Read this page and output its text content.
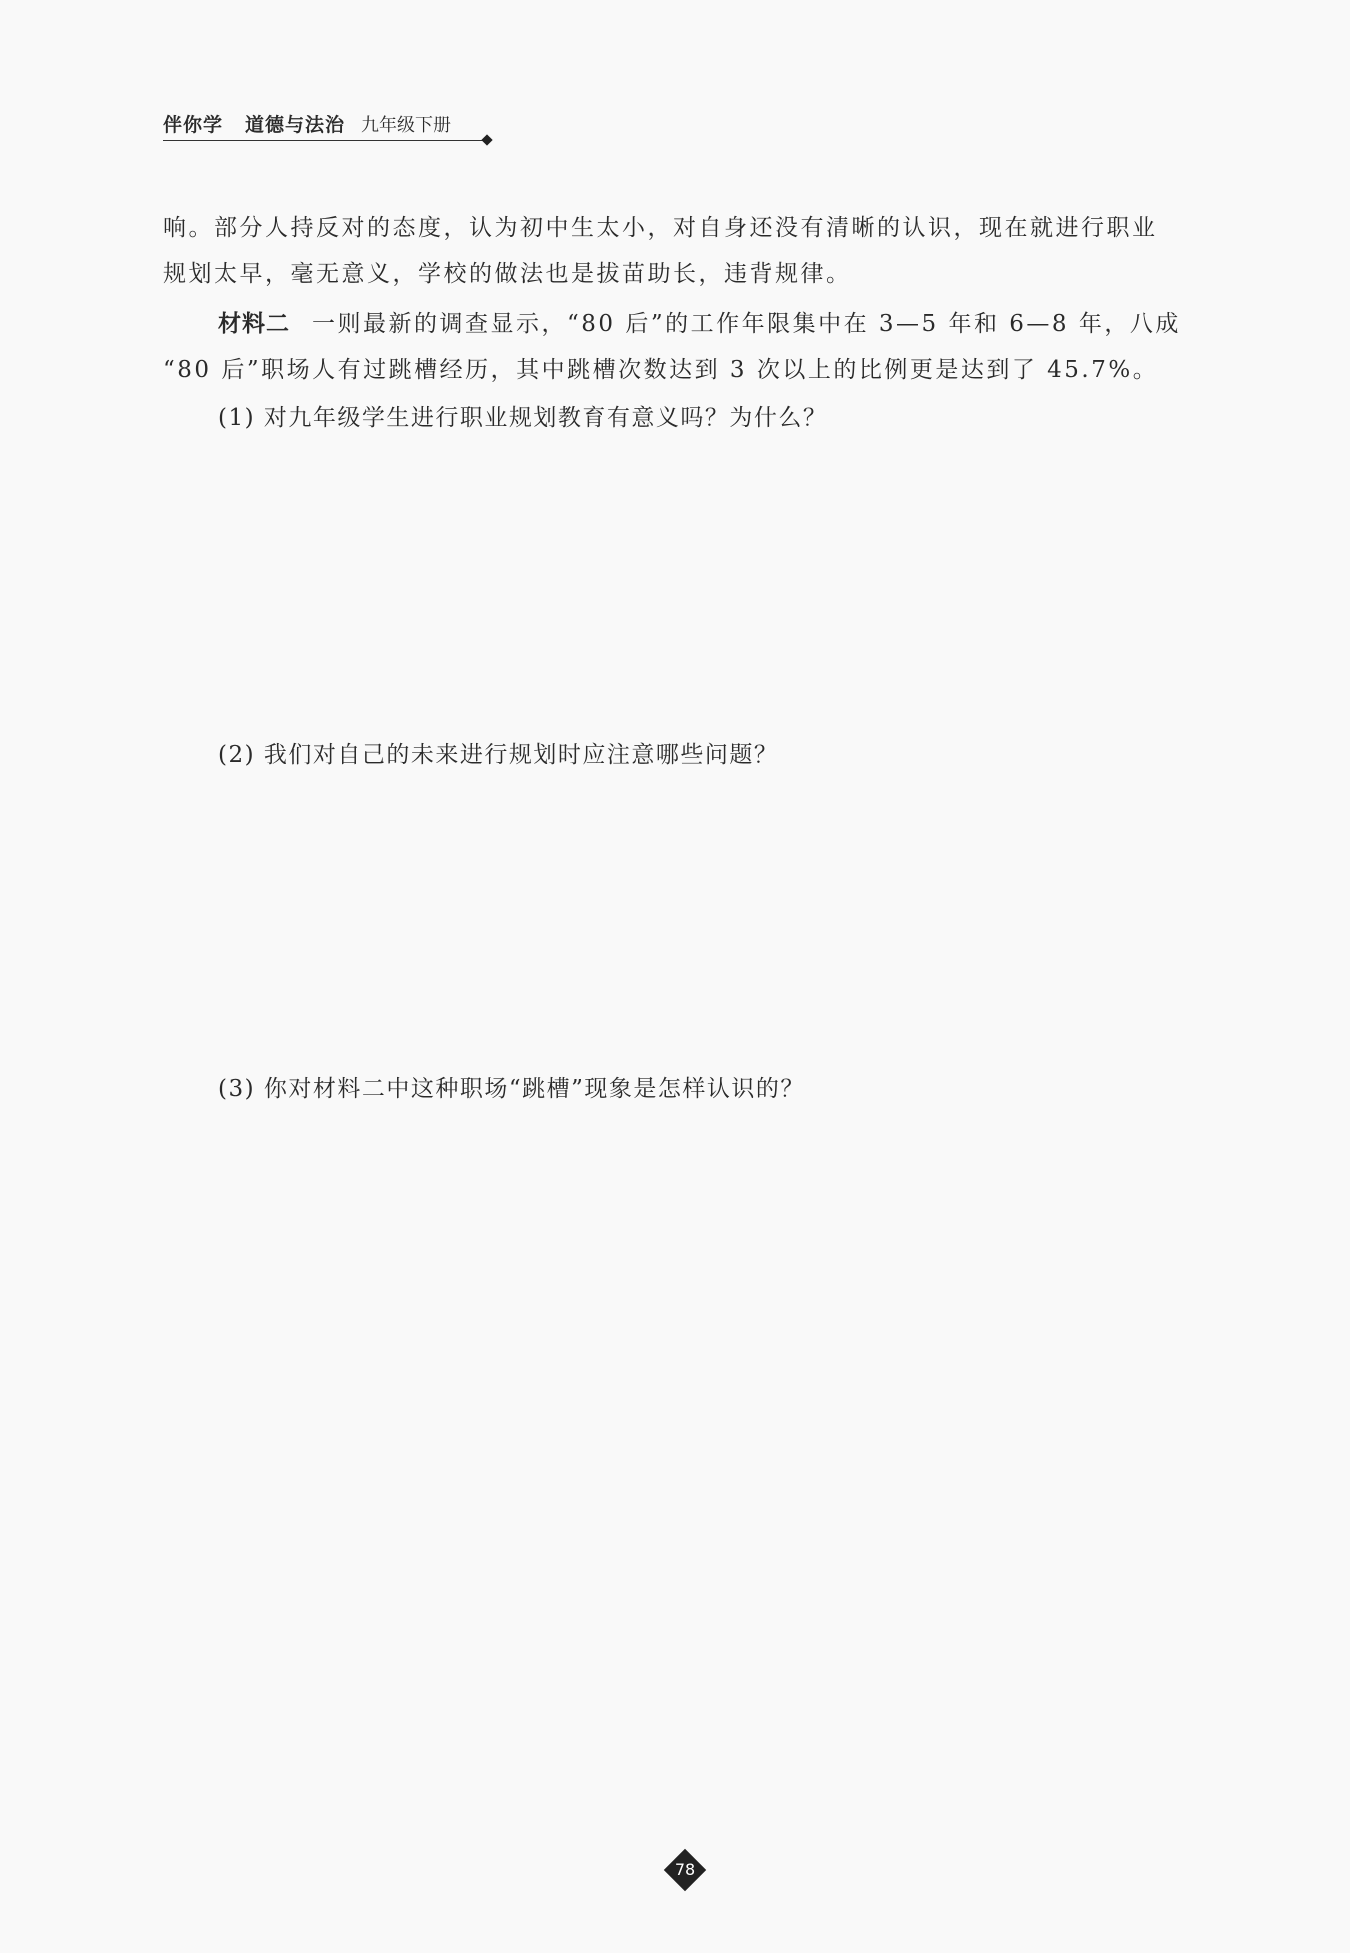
伴你学 道德与法治 九年级下册
响。部分人持反对的态度，认为初中生太小，对自身还没有清晰的认识，现在就进行职业
规划太早，毫无意义，学校的做法也是拔苗助长，违背规律。
材料二 一则最新的调查显示，“80 后”的工作年限集中在 3—5 年和 6—8 年，八成
“80 后”职场人有过跳槽经历，其中跳槽次数达到 3 次以上的比例更是达到了 45.7%。
(1) 对九年级学生进行职业规划教育有意义吗？为什么？
(2) 我们对自己的未来进行规划时应注意哪些问题？
(3) 你对材料二中这种职场“跳槽”现象是怎样认识的？
78
